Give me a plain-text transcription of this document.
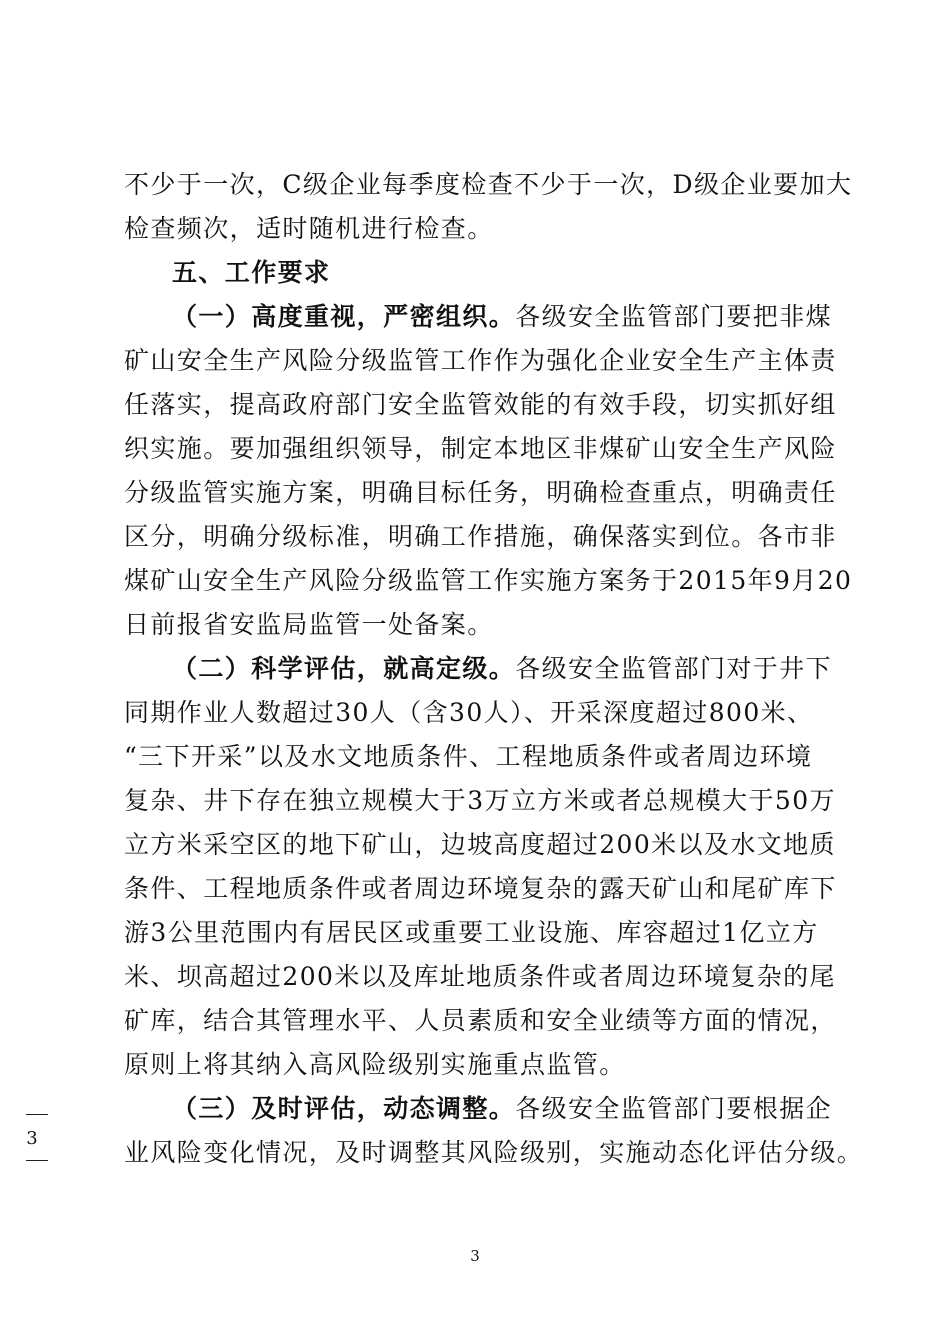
不少于一次，C级企业每季度检查不少于一次，D级企业要加大
检查频次，适时随机进行检查。
五、工作要求
（一）高度重视，严密组织。各级安全监管部门要把非煤
矿山安全生产风险分级监管工作作为强化企业安全生产主体责
任落实，提高政府部门安全监管效能的有效手段，切实抓好组
织实施。要加强组织领导，制定本地区非煤矿山安全生产风险
分级监管实施方案，明确目标任务，明确检查重点，明确责任
区分，明确分级标准，明确工作措施，确保落实到位。各市非
煤矿山安全生产风险分级监管工作实施方案务于2015年9月20
日前报省安监局监管一处备案。
（二）科学评估，就高定级。各级安全监管部门对于井下
同期作业人数超过30人（含30人）、开采深度超过800米、
“三下开采”以及水文地质条件、工程地质条件或者周边环境
复杂、井下存在独立规模大于3万立方米或者总规模大于50万
立方米采空区的地下矿山，边坡高度超过200米以及水文地质
条件、工程地质条件或者周边环境复杂的露天矿山和尾矿库下
游3公里范围内有居民区或重要工业设施、库容超过1亿立方
米、坝高超过200米以及库址地质条件或者周边环境复杂的尾
矿库，结合其管理水平、人员素质和安全业绩等方面的情况，
原则上将其纳入高风险级别实施重点监管。
（三）及时评估，动态调整。各级安全监管部门要根据企
业风险变化情况，及时调整其风险级别，实施动态化评估分级。
3
3
